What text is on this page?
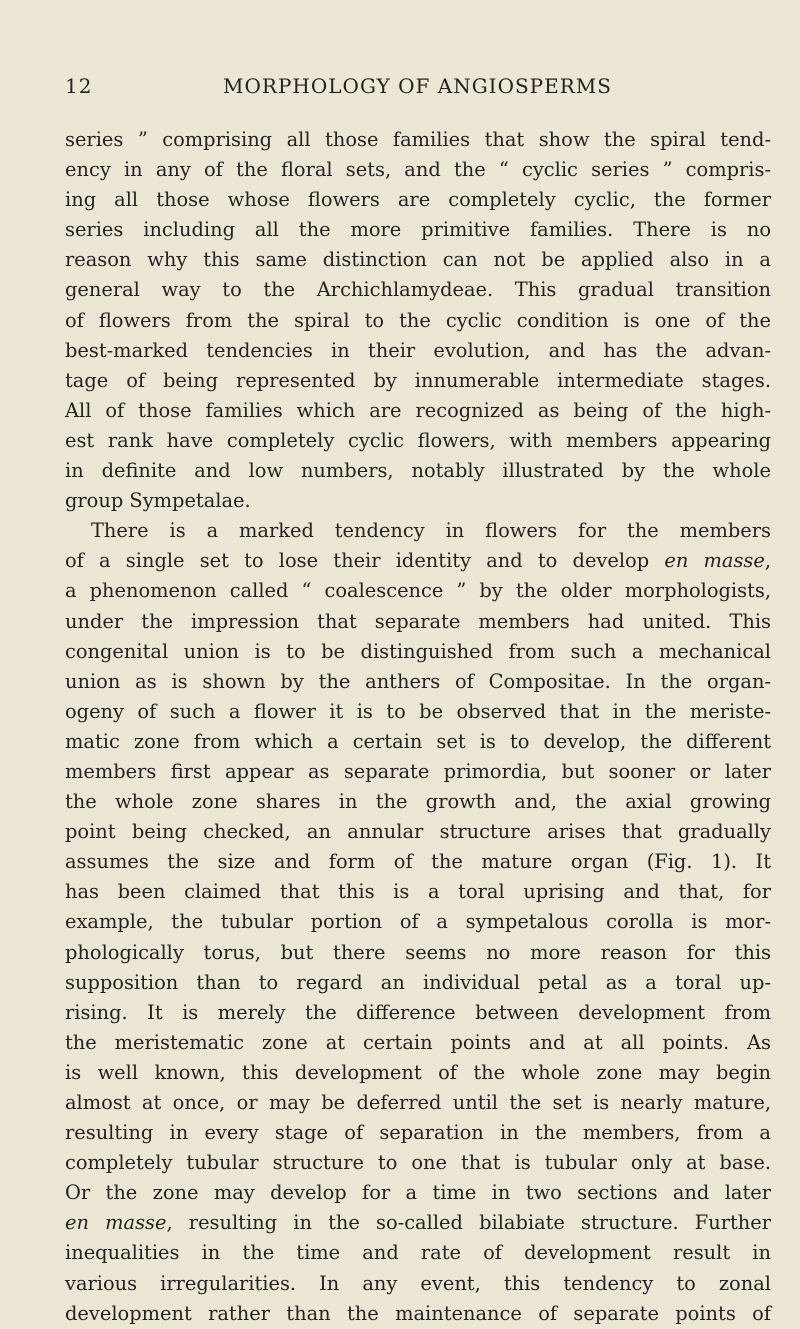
12	MORPHOLOGY OF ANGIOSPERMS
series ” comprising all those families that show the spiral tend-
ency in any of the floral sets, and the “ cyclic series ” compris-
ing all those whose flowers are completely cyclic, the former
series including all the more primitive families. There is no
reason why this same distinction can not be applied also in a
general way to the Archichlamydeae. This gradual transition
of flowers from the spiral to the cyclic condition is one of the
best-marked tendencies in their evolution, and has the advan-
tage of being represented by innumerable intermediate stages.
All of those families which are recognized as being of the high-
est rank have completely cyclic flowers, with members appearing
in definite and low numbers, notably illustrated by the whole
group Sympetalae.
There is a marked tendency in flowers for the members
of a single set to lose their identity and to develop en masse,
a phenomenon called “ coalescence ” by the older morphologists,
under the impression that separate members had united. This
congenital union is to be distinguished from such a mechanical
union as is shown by the anthers of Compositae. In the organ-
ogeny of such a flower it is to be observed that in the meriste-
matic zone from which a certain set is to develop, the different
members first appear as separate primordia, but sooner or later
the whole zone shares in the growth and, the axial growing
point being checked, an annular structure arises that gradually
assumes the size and form of the mature organ (Fig. 1). It
has been claimed that this is a toral uprising and that, for
example, the tubular portion of a sympetalous corolla is mor-
phologically torus, but there seems no more reason for this
supposition than to regard an individual petal as a toral up-
rising. It is merely the difference between development from
the meristematic zone at certain points and at all points. As
is well known, this development of the whole zone may begin
almost at once, or may be deferred until the set is nearly mature,
resulting in every stage of separation in the members, from a
completely tubular structure to one that is tubular only at base.
Or the zone may develop for a time in two sections and later
en masse, resulting in the so-called bilabiate structure. Further
inequalities in the time and rate of development result in
various irregularities. In any event, this tendency to zonal
development rather than the maintenance of separate points of
